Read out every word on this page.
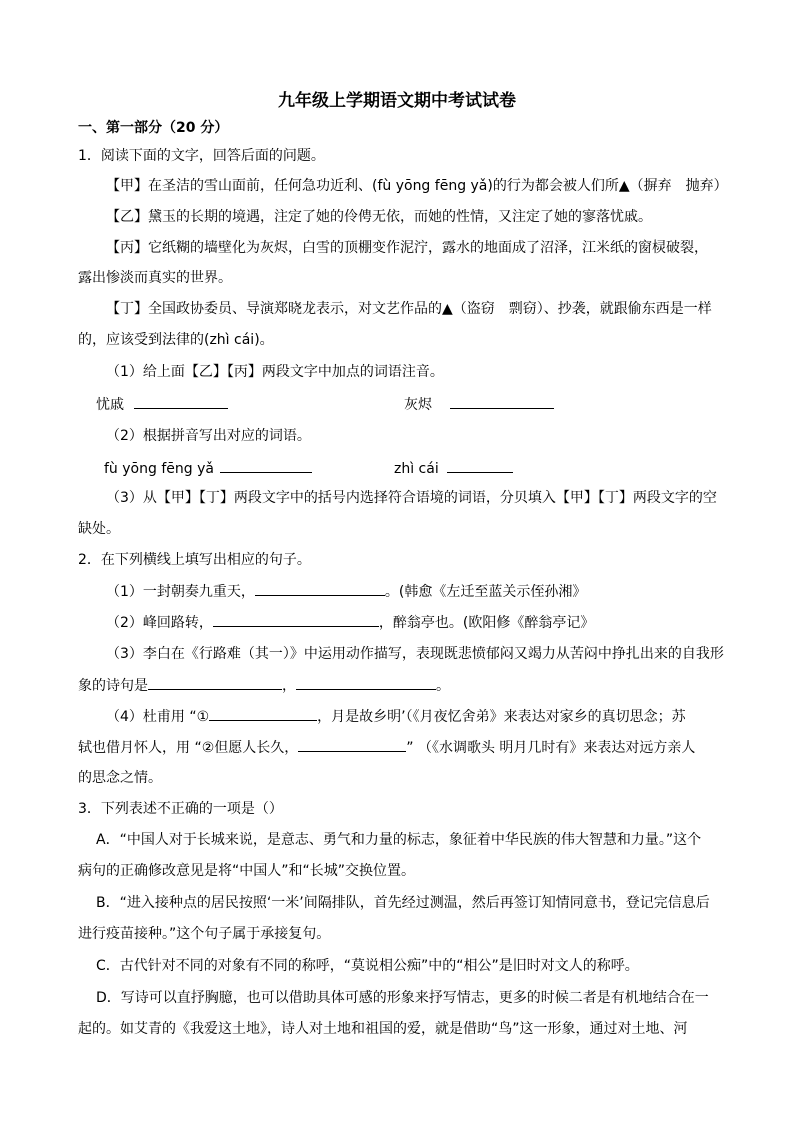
九年级上学期语文期中考试试卷
一、第一部分（20 分）
1．阅读下面的文字，回答后面的问题。
【甲】在圣洁的雪山面前，任何急功近利、(fù yōng fēng yǎ)的行为都会被人们所▲（摒弃　抛弃）
【乙】黛玉的长期的境遇，注定了她的伶俜无依，而她的性情，又注定了她的寥落忧戚。
【丙】它纸糊的墙壁化为灰烬，白雪的顶棚变作泥泞，露水的地面成了沼泽，江米纸的窗棂破裂，
露出惨淡而真实的世界。
【丁】全国政协委员、导演郑晓龙表示，对文艺作品的▲（盗窃　剽窃）、抄袭，就跟偷东西是一样
的，应该受到法律的(zhì cái)。
（1）给上面【乙】【丙】两段文字中加点的词语注音。
忧戚	灰烬
（2）根据拼音写出对应的词语。
fù yōng fēng yǎ	zhì cái
（3）从【甲】【丁】两段文字中的括号内选择符合语境的词语，分贝填入【甲】【丁】两段文字的空
缺处。
2．在下列横线上填写出相应的句子。
（1）一封朝奏九重天，	。(韩愈《左迁至蓝关示侄孙湘》
（2）峰回路转，	，醉翁亭也。(欧阳修《醉翁亭记》
（3）李白在《行路难（其一）》中运用动作描写，表现既悲愤郁闷又竭力从苦闷中挣扎出来的自我形
象的诗句是	，	。
（4）杜甫用 “①	，月是故乡明’（《月夜忆舍弟》来表达对家乡的真切思念；苏
轼也借月怀人，用 “②但愿人长久，	” （《水调歌头 明月几时有》来表达对远方亲人
的思念之情。
3．下列表述不正确的一项是（）
A．“中国人对于长城来说，是意志、勇气和力量的标志，象征着中华民族的伟大智慧和力量。”这个
病句的正确修改意见是将“中国人”和“长城”交换位置。
B．“进入接种点的居民按照‘一米’间隔排队，首先经过测温，然后再签订知情同意书，登记完信息后
进行疫苗接种。”这个句子属于承接复句。
C．古代针对不同的对象有不同的称呼，“莫说相公痴”中的“相公”是旧时对文人的称呼。
D．写诗可以直抒胸臆，也可以借助具体可感的形象来抒写情志，更多的时候二者是有机地结合在一
起的。如艾青的《我爱这土地》，诗人对土地和祖国的爱，就是借助“鸟”这一形象，通过对土地、河
